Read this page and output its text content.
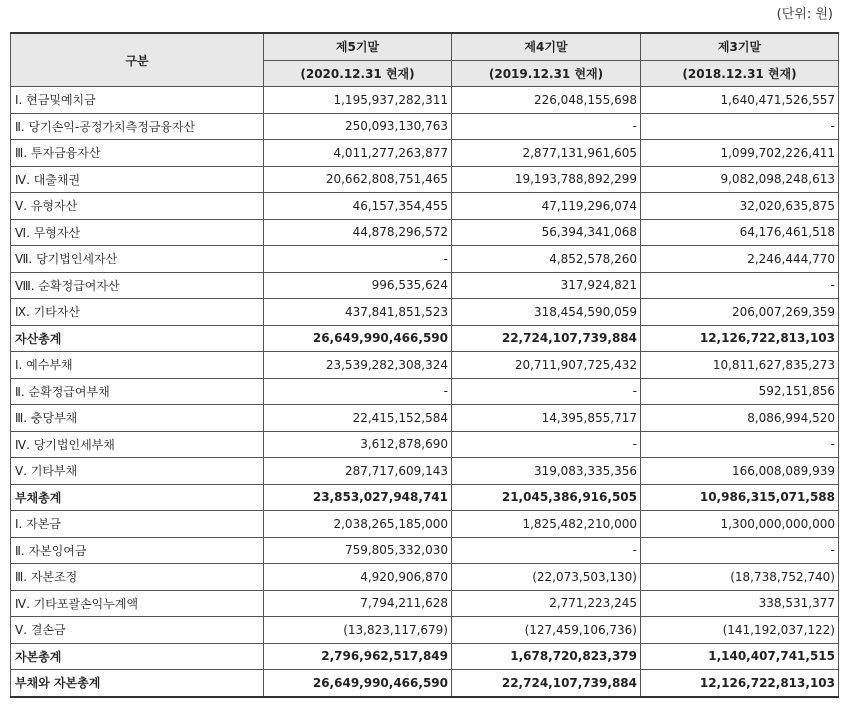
(단위: 원)
구분	제5기말	제4기말	제3기말
	(2020.12.31 현재)	(2019.12.31 현재)	(2018.12.31 현재)
Ⅰ. 현금및예치금	1,195,937,282,311	226,048,155,698	1,640,471,526,557
Ⅱ. 당기손익-공정가치측정금융자산	250,093,130,763	-	-
Ⅲ. 투자금융자산	4,011,277,263,877	2,877,131,961,605	1,099,702,226,411
Ⅳ. 대출채권	20,662,808,751,465	19,193,788,892,299	9,082,098,248,613
Ⅴ. 유형자산	46,157,354,455	47,119,296,074	32,020,635,875
Ⅵ. 무형자산	44,878,296,572	56,394,341,068	64,176,461,518
Ⅶ. 당기법인세자산	-	4,852,578,260	2,246,444,770
Ⅷ. 순확정급여자산	996,535,624	317,924,821	-
Ⅸ. 기타자산	437,841,851,523	318,454,590,059	206,007,269,359
자산총계	26,649,990,466,590	22,724,107,739,884	12,126,722,813,103
Ⅰ. 예수부채	23,539,282,308,324	20,711,907,725,432	10,811,627,835,273
Ⅱ. 순확정급여부채	-	-	592,151,856
Ⅲ. 충당부채	22,415,152,584	14,395,855,717	8,086,994,520
Ⅳ. 당기법인세부채	3,612,878,690	-	-
Ⅴ. 기타부채	287,717,609,143	319,083,335,356	166,008,089,939
부채총계	23,853,027,948,741	21,045,386,916,505	10,986,315,071,588
Ⅰ. 자본금	2,038,265,185,000	1,825,482,210,000	1,300,000,000,000
Ⅱ. 자본잉여금	759,805,332,030	-	-
Ⅲ. 자본조정	4,920,906,870	(22,073,503,130)	(18,738,752,740)
Ⅳ. 기타포괄손익누계액	7,794,211,628	2,771,223,245	338,531,377
Ⅴ. 결손금	(13,823,117,679)	(127,459,106,736)	(141,192,037,122)
자본총계	2,796,962,517,849	1,678,720,823,379	1,140,407,741,515
부채와 자본총계	26,649,990,466,590	22,724,107,739,884	12,126,722,813,103
